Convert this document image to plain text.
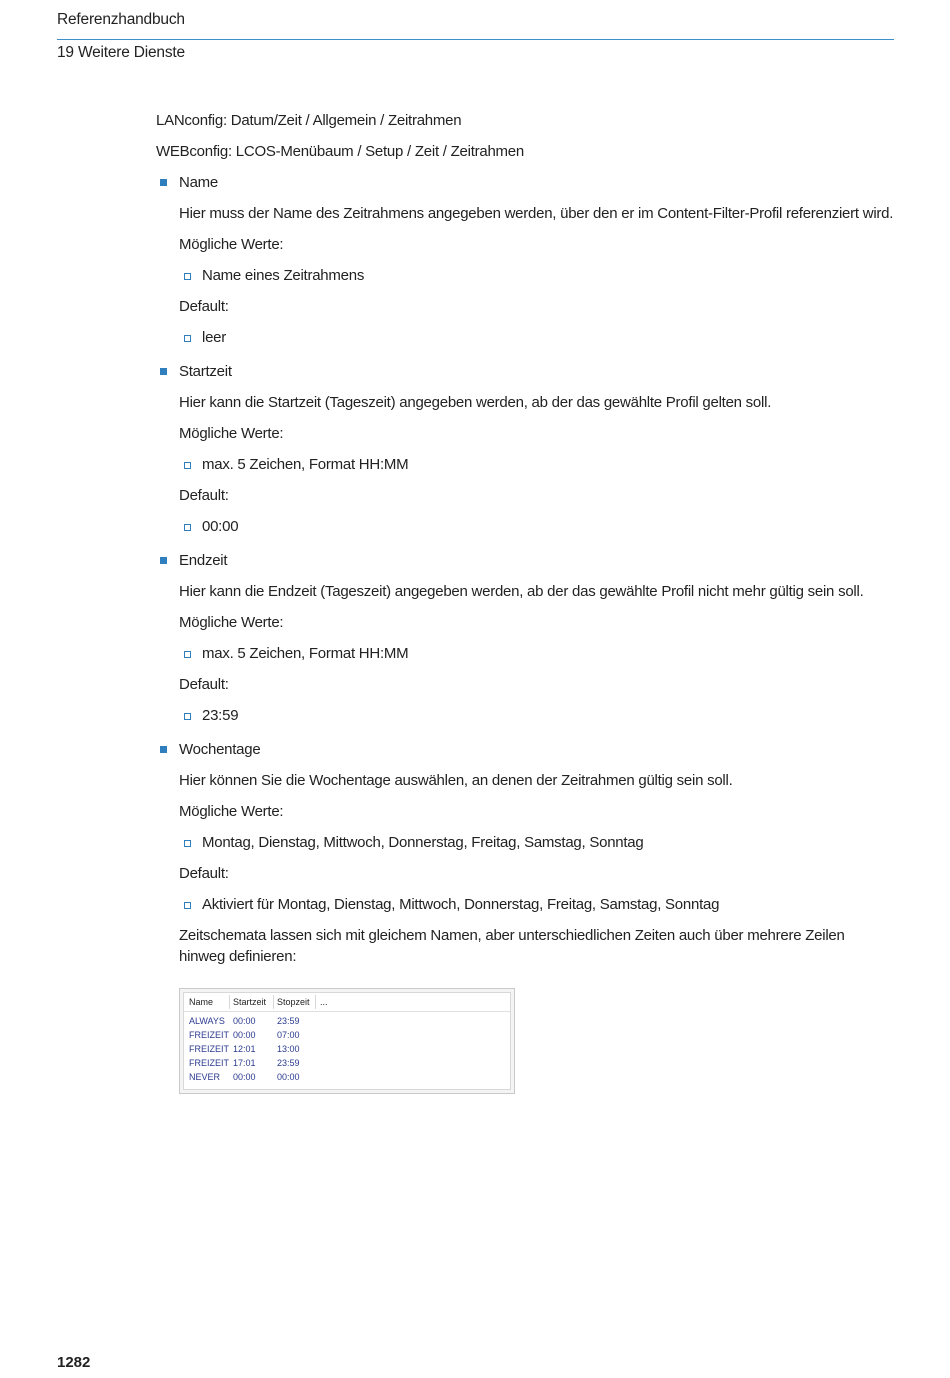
Referenzhandbuch
19 Weitere Dienste
LANconfig: Datum/Zeit / Allgemein / Zeitrahmen
WEBconfig: LCOS-Menübaum / Setup / Zeit / Zeitrahmen
Name
Hier muss der Name des Zeitrahmens angegeben werden, über den er im Content-Filter-Profil referenziert wird.
Mögliche Werte:
Name eines Zeitrahmens
Default:
leer
Startzeit
Hier kann die Startzeit (Tageszeit) angegeben werden, ab der das gewählte Profil gelten soll.
Mögliche Werte:
max. 5 Zeichen, Format HH:MM
Default:
00:00
Endzeit
Hier kann die Endzeit (Tageszeit) angegeben werden, ab der das gewählte Profil nicht mehr gültig sein soll.
Mögliche Werte:
max. 5 Zeichen, Format HH:MM
Default:
23:59
Wochentage
Hier können Sie die Wochentage auswählen, an denen der Zeitrahmen gültig sein soll.
Mögliche Werte:
Montag, Dienstag, Mittwoch, Donnerstag, Freitag, Samstag, Sonntag
Default:
Aktiviert für Montag, Dienstag, Mittwoch, Donnerstag, Freitag, Samstag, Sonntag
Zeitschemata lassen sich mit gleichem Namen, aber unterschiedlichen Zeiten auch über mehrere Zeilen hinweg definieren:
Name Startzeit Stopzeit ...
ALWAYS 00:00 23:59
FREIZEIT 00:00 07:00
FREIZEIT 12:01 13:00
FREIZEIT 17:01 23:59
NEVER 00:00 00:00
1282
